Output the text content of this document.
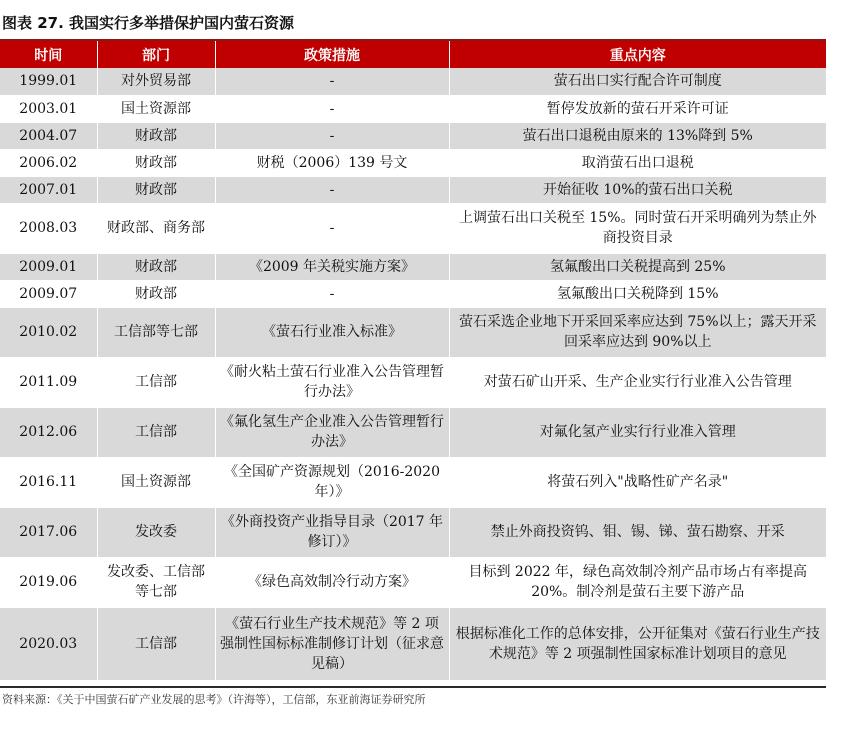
图表 27. 我国实行多举措保护国内萤石资源
时间	部门	政策措施	重点内容
1999.01	对外贸易部	-	萤石出口实行配合许可制度
2003.01	国土资源部	-	暂停发放新的萤石开采许可证
2004.07	财政部	-	萤石出口退税由原来的 13%降到 5%
2006.02	财政部	财税（2006）139 号文	取消萤石出口退税
2007.01	财政部	-	开始征收 10%的萤石出口关税
2008.03	财政部、商务部	-	上调萤石出口关税至 15%。同时萤石开采明确列为禁止外商投资目录
2009.01	财政部	《2009 年关税实施方案》	氢氟酸出口关税提高到 25%
2009.07	财政部	-	氢氟酸出口关税降到 15%
2010.02	工信部等七部	《萤石行业准入标准》	萤石采选企业地下开采回采率应达到 75%以上；露天开采回采率应达到 90%以上
2011.09	工信部	《耐火粘土萤石行业准入公告管理暂行办法》	对萤石矿山开采、生产企业实行行业准入公告管理
2012.06	工信部	《氟化氢生产企业准入公告管理暂行办法》	对氟化氢产业实行行业准入管理
2016.11	国土资源部	《全国矿产资源规划（2016-2020 年）》	将萤石列入"战略性矿产名录"
2017.06	发改委	《外商投资产业指导目录（2017 年修订）》	禁止外商投资钨、钼、锡、锑、萤石勘察、开采
2019.06	发改委、工信部等七部	《绿色高效制冷行动方案》	目标到 2022 年，绿色高效制冷剂产品市场占有率提高 20%。制冷剂是萤石主要下游产品
2020.03	工信部	《萤石行业生产技术规范》等 2 项强制性国标标准制修订计划（征求意见稿）	根据标准化工作的总体安排，公开征集对《萤石行业生产技术规范》等 2 项强制性国家标准计划项目的意见
资料来源：《关于中国萤石矿产业发展的思考》（许海等），工信部，东亚前海证券研究所
